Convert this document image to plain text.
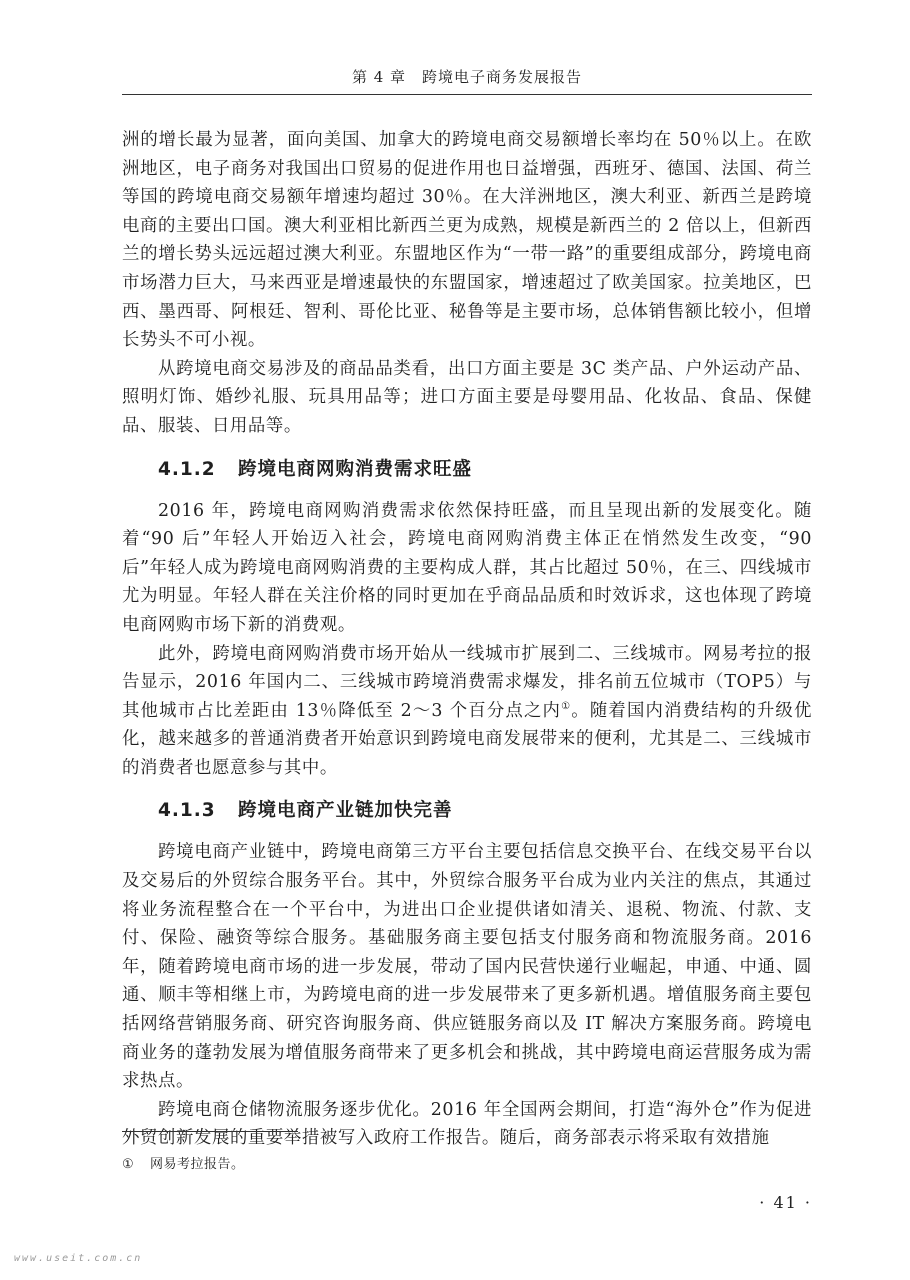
第 4 章　跨境电子商务发展报告

洲的增长最为显著，面向美国、加拿大的跨境电商交易额增长率均在 50％以上。在欧洲地区，电子商务对我国出口贸易的促进作用也日益增强，西班牙、德国、法国、荷兰等国的跨境电商交易额年增速均超过 30％。在大洋洲地区，澳大利亚、新西兰是跨境电商的主要出口国。澳大利亚相比新西兰更为成熟，规模是新西兰的 2 倍以上，但新西兰的增长势头远远超过澳大利亚。东盟地区作为“一带一路”的重要组成部分，跨境电商市场潜力巨大，马来西亚是增速最快的东盟国家，增速超过了欧美国家。拉美地区，巴西、墨西哥、阿根廷、智利、哥伦比亚、秘鲁等是主要市场，总体销售额比较小，但增长势头不可小视。

从跨境电商交易涉及的商品品类看，出口方面主要是 3C 类产品、户外运动产品、照明灯饰、婚纱礼服、玩具用品等；进口方面主要是母婴用品、化妆品、食品、保健品、服装、日用品等。

4.1.2 跨境电商网购消费需求旺盛

2016 年，跨境电商网购消费需求依然保持旺盛，而且呈现出新的发展变化。随着“90 后”年轻人开始迈入社会，跨境电商网购消费主体正在悄然发生改变，“90 后”年轻人成为跨境电商网购消费的主要构成人群，其占比超过 50％，在三、四线城市尤为明显。年轻人群在关注价格的同时更加在乎商品品质和时效诉求，这也体现了跨境电商网购市场下新的消费观。

此外，跨境电商网购消费市场开始从一线城市扩展到二、三线城市。网易考拉的报告显示，2016 年国内二、三线城市跨境消费需求爆发，排名前五位城市（TOP5）与其他城市占比差距由 13％降低至 2～3 个百分点之内①。随着国内消费结构的升级优化，越来越多的普通消费者开始意识到跨境电商发展带来的便利，尤其是二、三线城市的消费者也愿意参与其中。

4.1.3 跨境电商产业链加快完善

跨境电商产业链中，跨境电商第三方平台主要包括信息交换平台、在线交易平台以及交易后的外贸综合服务平台。其中，外贸综合服务平台成为业内关注的焦点，其通过将业务流程整合在一个平台中，为进出口企业提供诸如清关、退税、物流、付款、支付、保险、融资等综合服务。基础服务商主要包括支付服务商和物流服务商。2016 年，随着跨境电商市场的进一步发展，带动了国内民营快递行业崛起，申通、中通、圆通、顺丰等相继上市，为跨境电商的进一步发展带来了更多新机遇。增值服务商主要包括网络营销服务商、研究咨询服务商、供应链服务商以及 IT 解决方案服务商。跨境电商业务的蓬勃发展为增值服务商带来了更多机会和挑战，其中跨境电商运营服务成为需求热点。

跨境电商仓储物流服务逐步优化。2016 年全国两会期间，打造“海外仓”作为促进外贸创新发展的重要举措被写入政府工作报告。随后，商务部表示将采取有效措施

① 网易考拉报告。
· 41 ·
www.useit.com.cn
